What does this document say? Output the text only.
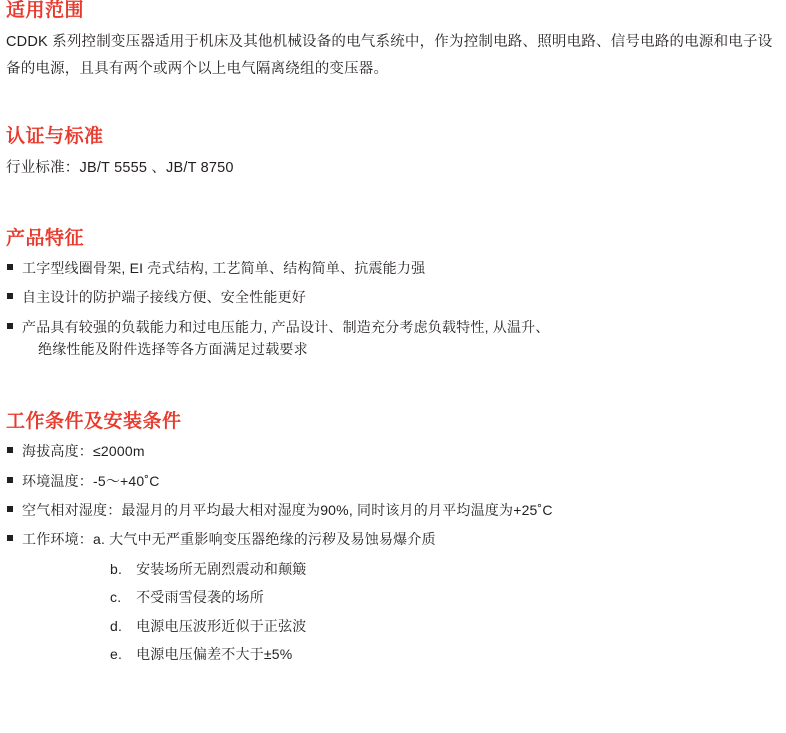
适用范围

CDDK 系列控制变压器适用于机床及其他机械设备的电气系统中，作为控制电路、照明电路、信号电路的电源和电子设备的电源，且具有两个或两个以上电气隔离绕组的变压器。

认证与标准

行业标准：JB/T 5555 、JB/T 8750

产品特征
工字型线圈骨架, EI 壳式结构, 工艺简单、结构简单、抗震能力强
自主设计的防护端子接线方便、安全性能更好
产品具有较强的负载能力和过电压能力, 产品设计、制造充分考虑负载特性, 从温升、
绝缘性能及附件选择等各方面满足过载要求
工作条件及安装条件
海拔高度：≤2000m
环境温度：-5～+40˚C
空气相对湿度：最湿月的月平均最大相对湿度为90%, 同时该月的月平均温度为+25˚C
工作环境：a. 大气中无严重影响变压器绝缘的污秽及易蚀易爆介质
b. 安装场所无剧烈震动和颠簸
c. 不受雨雪侵袭的场所
d. 电源电压波形近似于正弦波
e. 电源电压偏差不大于±5%
